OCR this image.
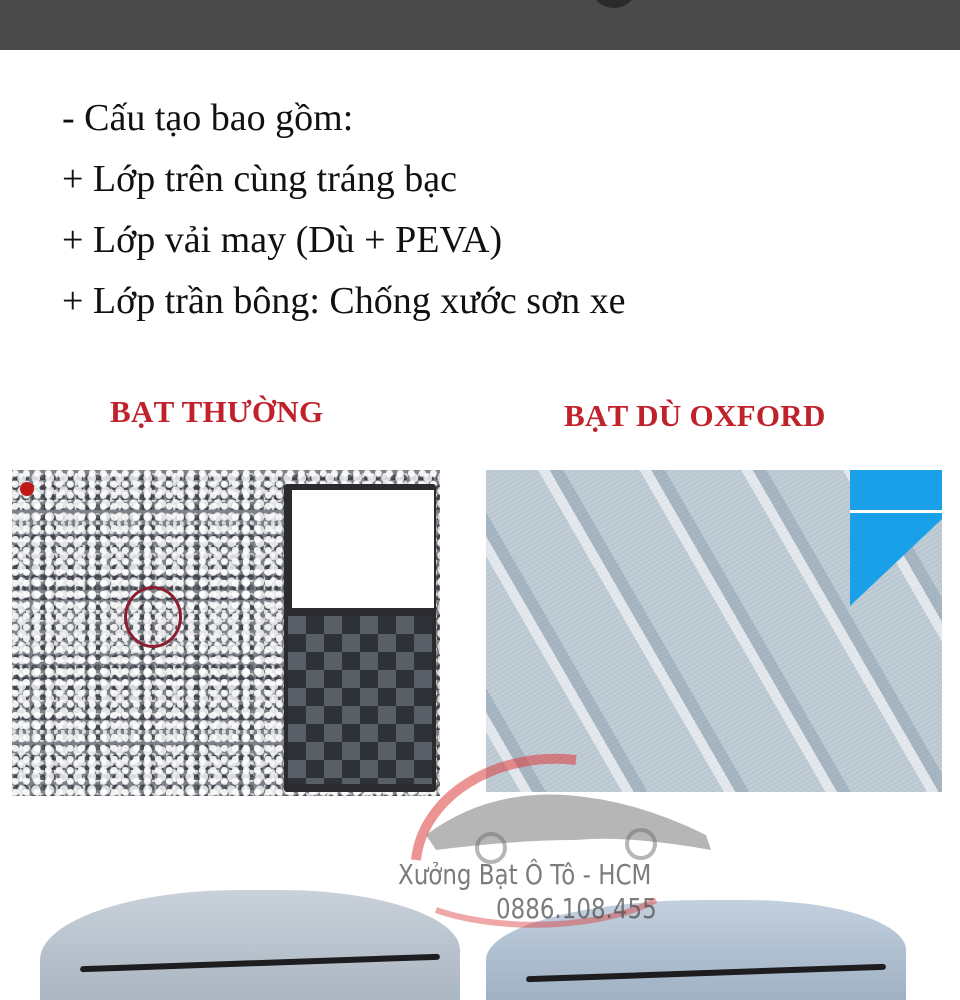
- Cấu tạo bao gồm:
+ Lớp trên cùng tráng bạc
+ Lớp vải may (Dù + PEVA)
+ Lớp trần bông: Chống xước sơn xe
BẠT THƯỜNG	BẠT DÙ OXFORD
Xưởng Bạt Ô Tô - HCM
0886.108.455
